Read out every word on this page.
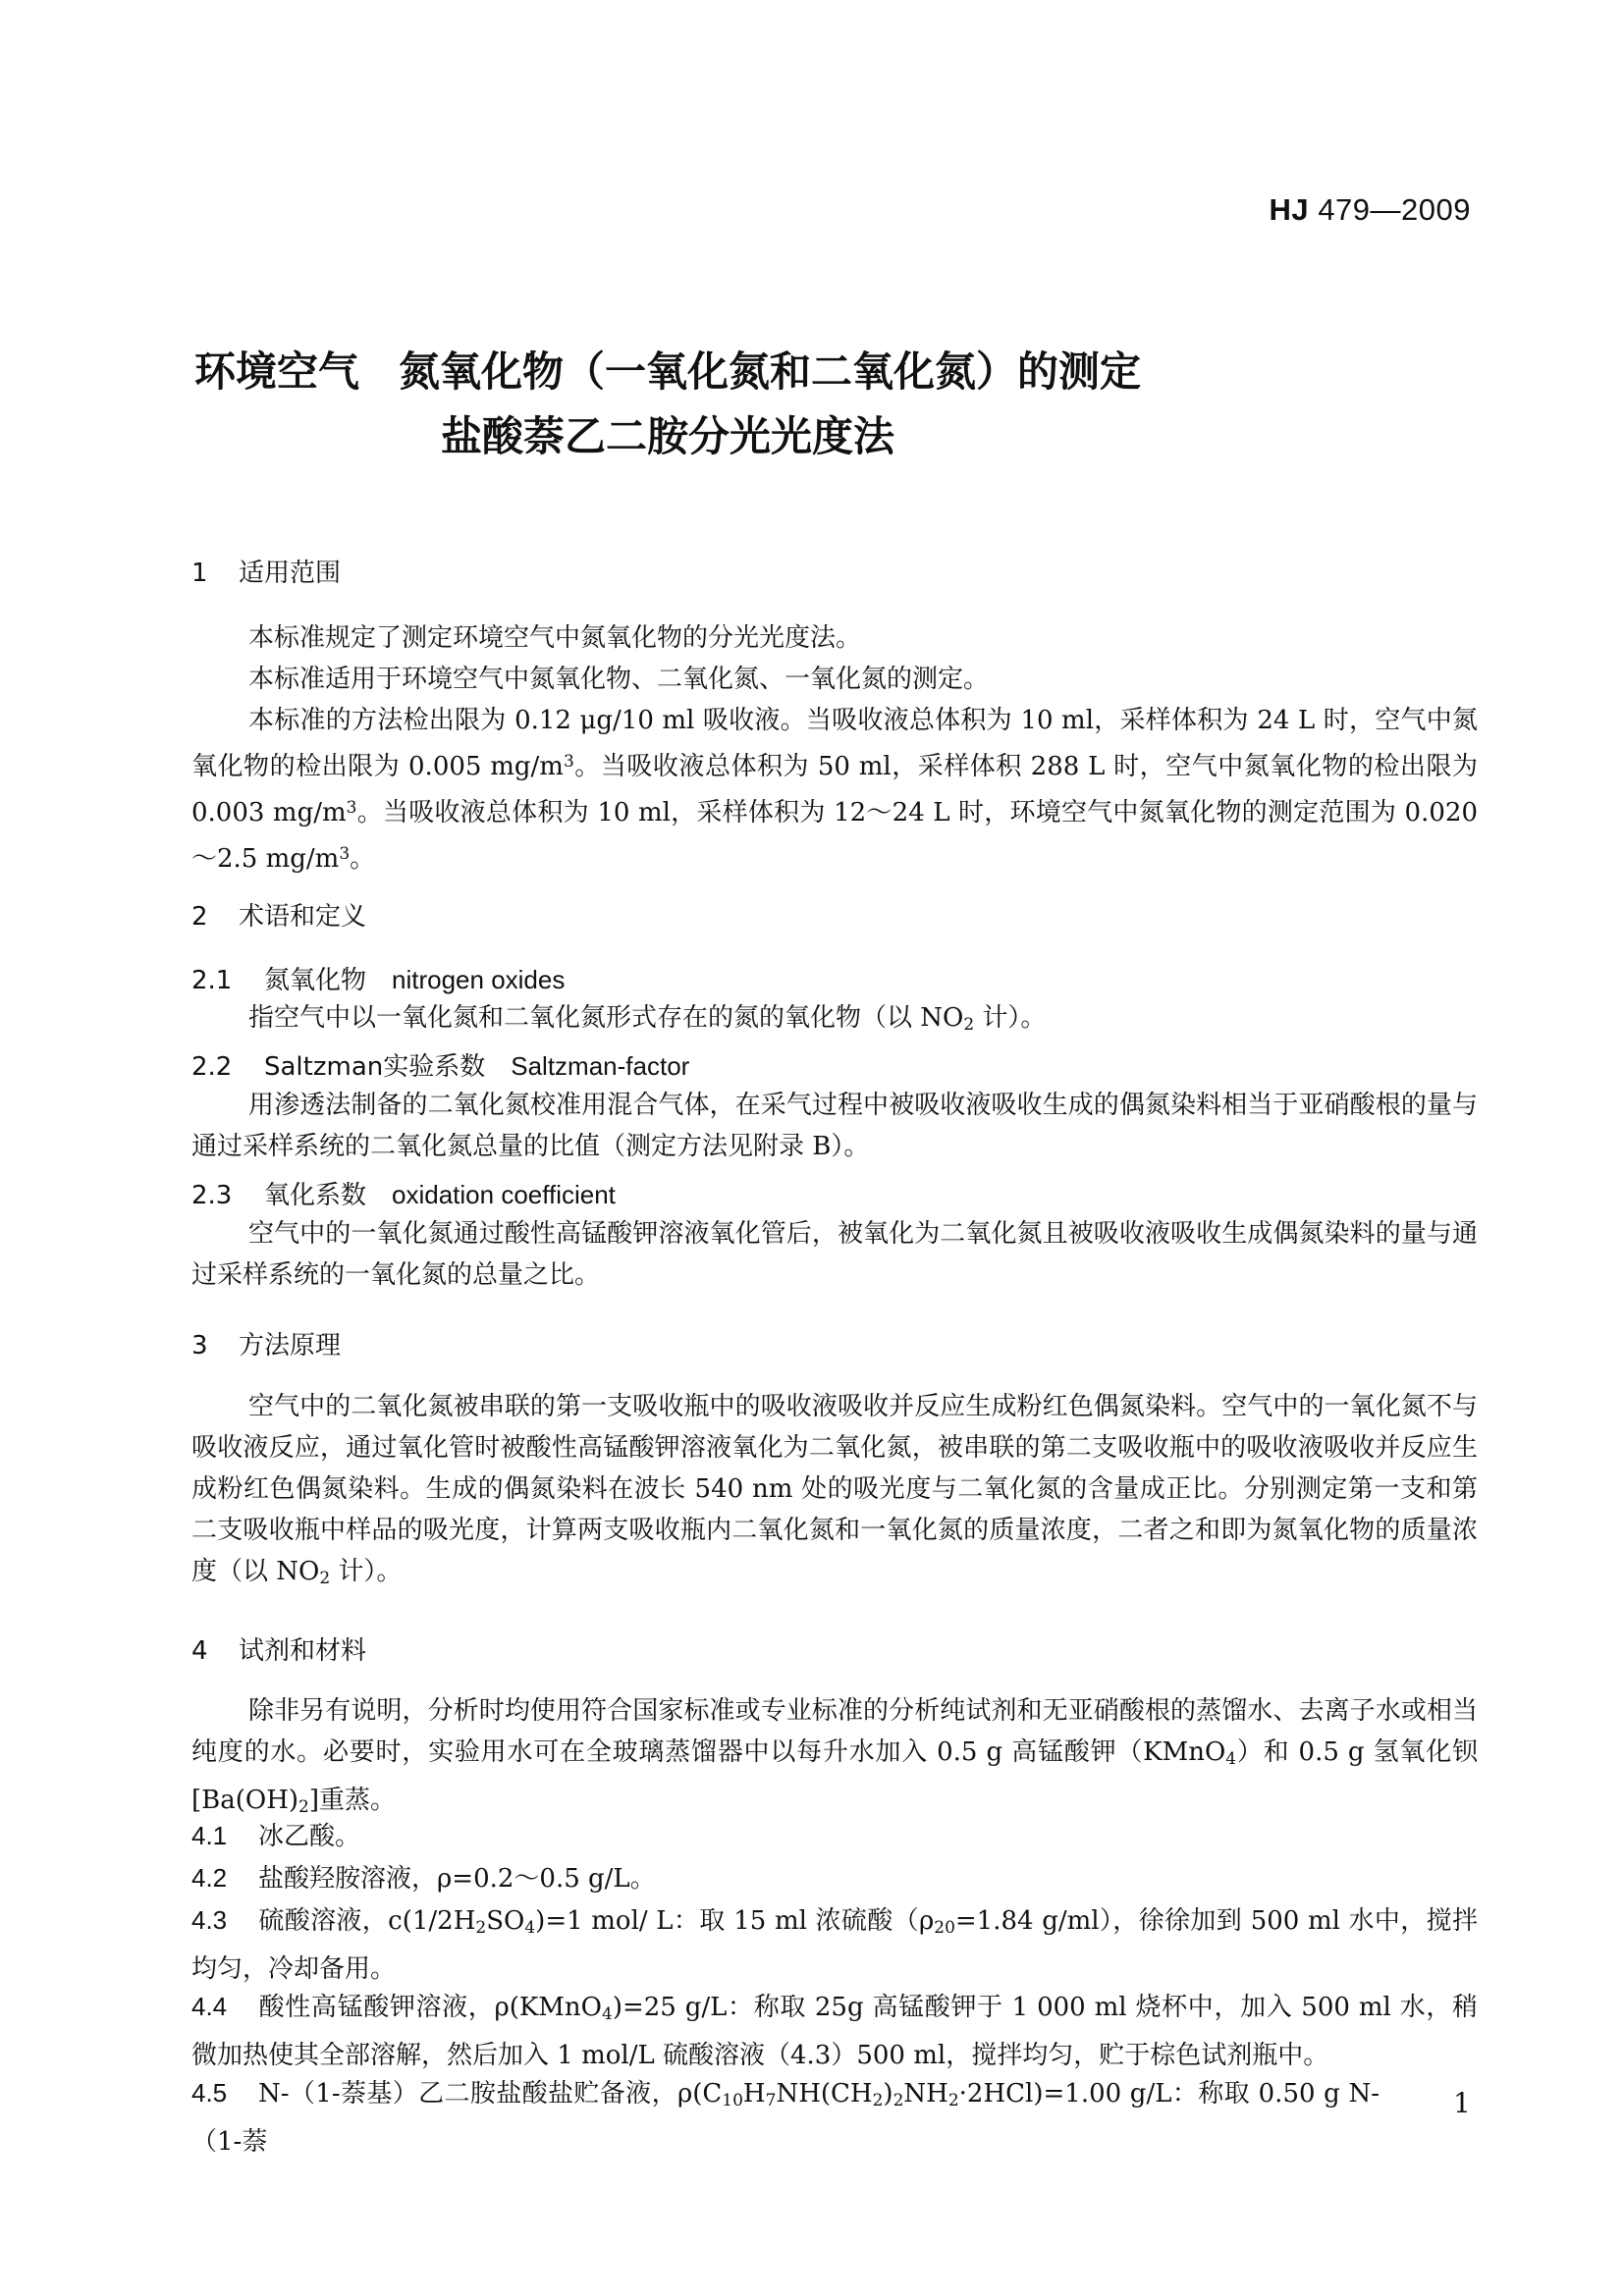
HJ 479—2009
环境空气 氮氧化物（一氧化氮和二氧化氮）的测定
盐酸萘乙二胺分光光度法
1 适用范围
本标准规定了测定环境空气中氮氧化物的分光光度法。
本标准适用于环境空气中氮氧化物、二氧化氮、一氧化氮的测定。
本标准的方法检出限为 0.12 μg/10 ml 吸收液。当吸收液总体积为 10 ml，采样体积为 24 L 时，空气中氮氧化物的检出限为 0.005 $mg/m^3$。当吸收液总体积为 50 ml，采样体积 288 L 时，空气中氮氧化物的检出限为 0.003 $mg/m^3$。当吸收液总体积为 10 ml，采样体积为 12～24 L 时，环境空气中氮氧化物的测定范围为 0.020～2.5 $mg/m^3$。
2 术语和定义
2.1 氮氧化物 nitrogen oxides
指空气中以一氧化氮和二氧化氮形式存在的氮的氧化物（以 $NO_2$ 计）。
2.2 Saltzman实验系数 Saltzman-factor
用渗透法制备的二氧化氮校准用混合气体，在采气过程中被吸收液吸收生成的偶氮染料相当于亚硝酸根的量与通过采样系统的二氧化氮总量的比值（测定方法见附录 B）。
2.3 氧化系数 oxidation coefficient
空气中的一氧化氮通过酸性高锰酸钾溶液氧化管后，被氧化为二氧化氮且被吸收液吸收生成偶氮染料的量与通过采样系统的一氧化氮的总量之比。
3 方法原理
空气中的二氧化氮被串联的第一支吸收瓶中的吸收液吸收并反应生成粉红色偶氮染料。空气中的一氧化氮不与吸收液反应，通过氧化管时被酸性高锰酸钾溶液氧化为二氧化氮，被串联的第二支吸收瓶中的吸收液吸收并反应生成粉红色偶氮染料。生成的偶氮染料在波长 540 nm 处的吸光度与二氧化氮的含量成正比。分别测定第一支和第二支吸收瓶中样品的吸光度，计算两支吸收瓶内二氧化氮和一氧化氮的质量浓度，二者之和即为氮氧化物的质量浓度（以 $NO_2$ 计）。
4 试剂和材料
除非另有说明，分析时均使用符合国家标准或专业标准的分析纯试剂和无亚硝酸根的蒸馏水、去离子水或相当纯度的水。必要时，实验用水可在全玻璃蒸馏器中以每升水加入 0.5 g 高锰酸钾（KMnO$_4$）和 0.5 g 氢氧化钡$[Ba(OH)_2]$重蒸。
4.1 冰乙酸。
4.2 盐酸羟胺溶液，ρ=0.2～0.5 g/L。
4.3 硫酸溶液，$c(1/2H_2SO_4)=1$ mol/ L：取 15 ml 浓硫酸（$\rho_{20}=1.84$ g/ml），徐徐加到 500 ml 水中，搅拌均匀，冷却备用。
4.4 酸性高锰酸钾溶液，ρ(KMnO$_4$)=25 g/L：称取 25g 高锰酸钾于 1 000 ml 烧杯中，加入 500 ml 水，稍微加热使其全部溶解，然后加入 1 mol/L 硫酸溶液（4.3）500 ml，搅拌均匀，贮于棕色试剂瓶中。
4.5 N-（1-萘基）乙二胺盐酸盐贮备液，$\rho(C_{10}H_7NH(CH_2)_2NH_2\cdot 2HCl)=1.00$ g/L：称取 0.50 g N-（1-萘
1
